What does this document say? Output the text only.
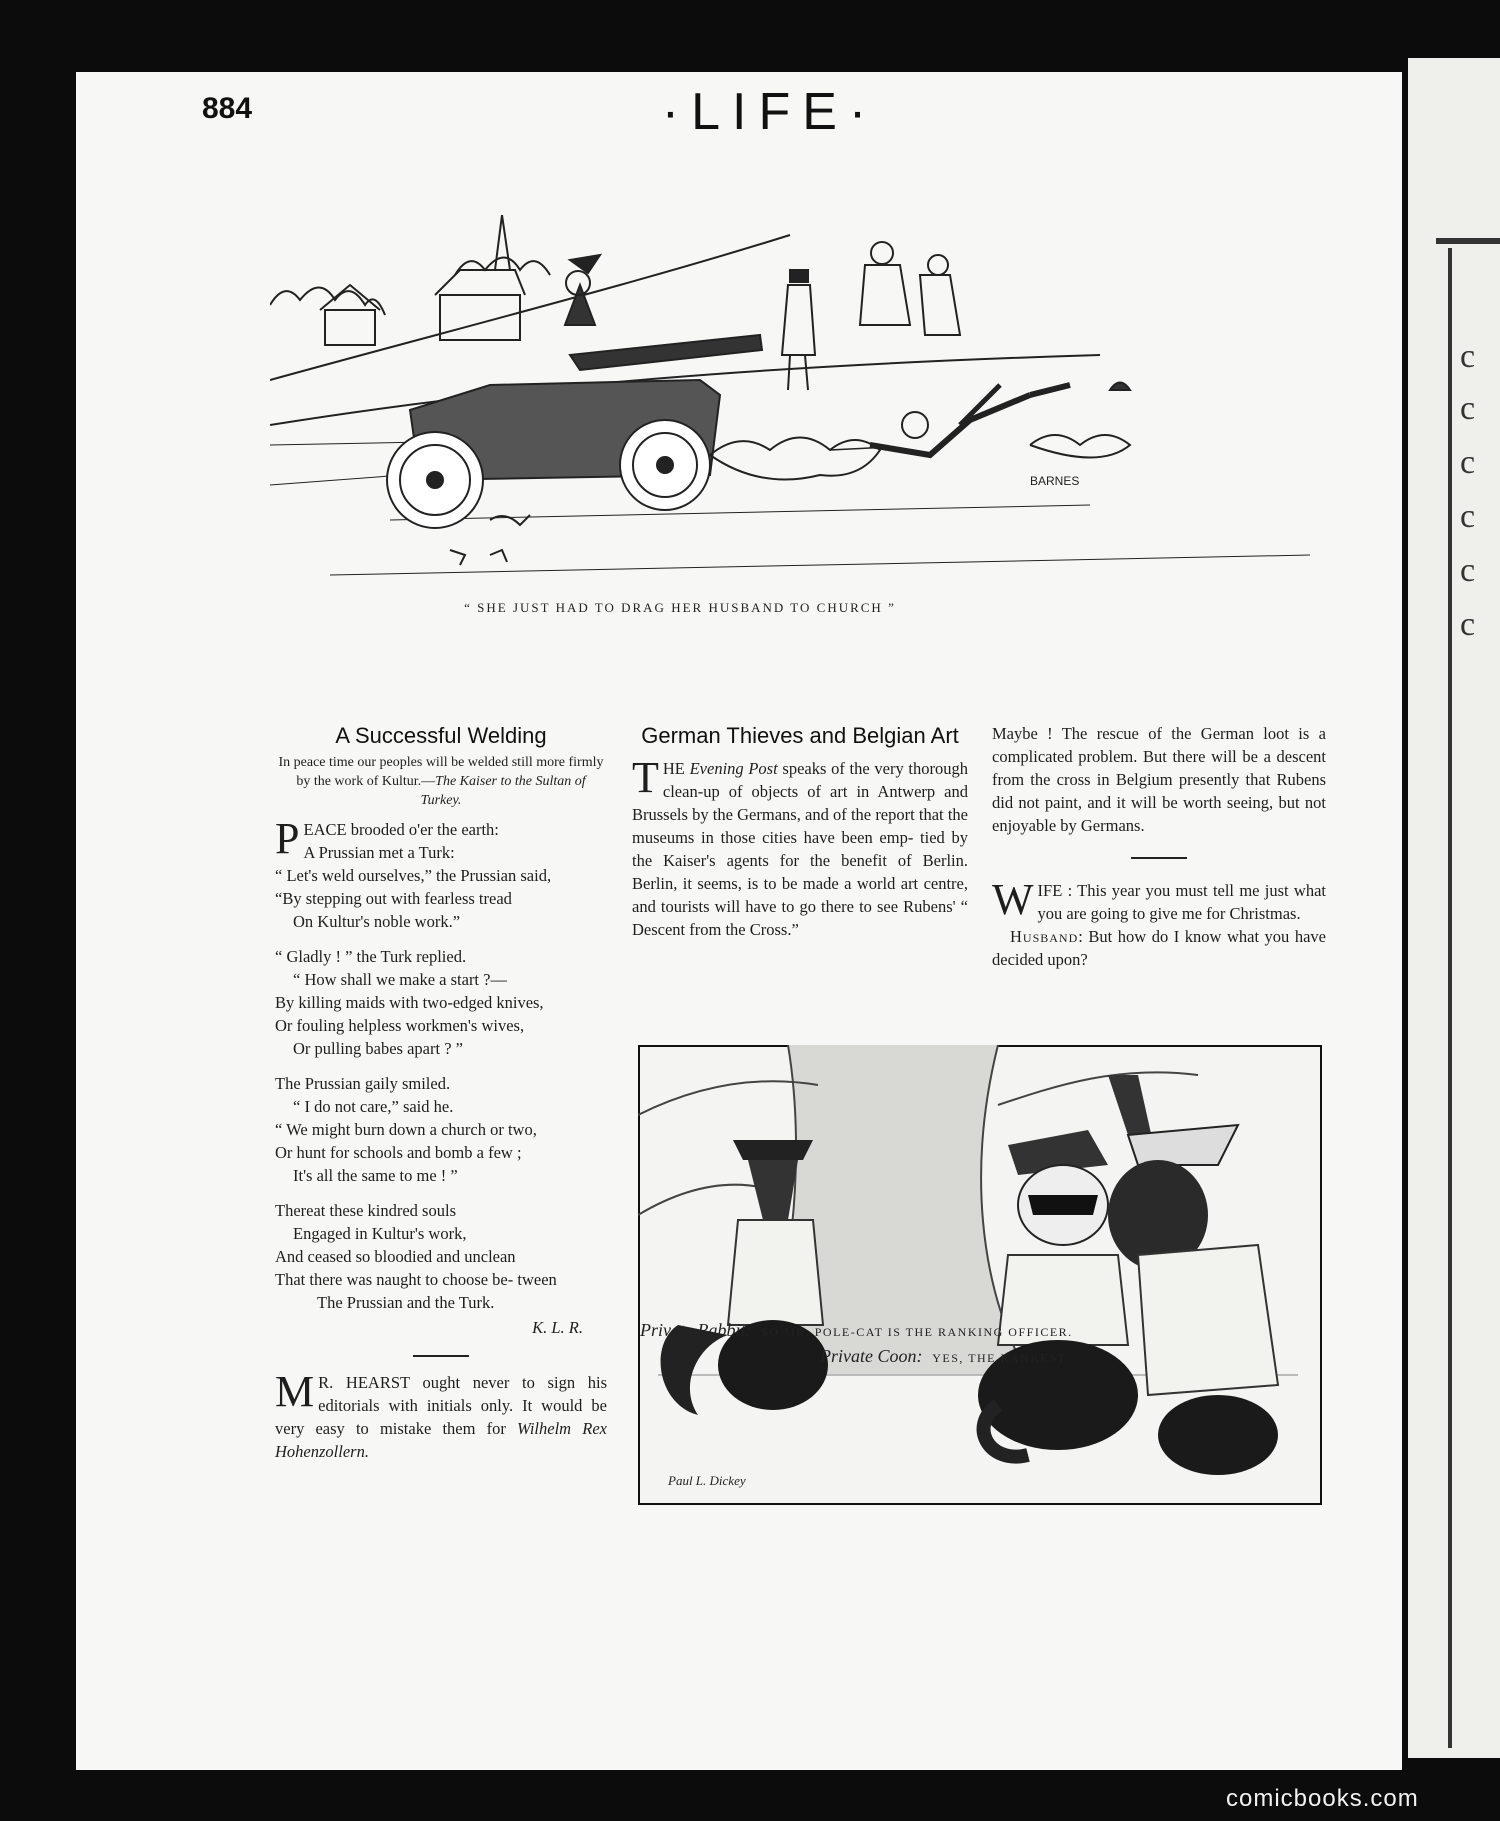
c
c
c
c
c
c
884	·LIFE·
BARNES
“ SHE JUST HAD TO DRAG HER HUSBAND TO CHURCH ”
A Successful Welding
In peace time our peoples will be welded still more firmly by the work of Kultur.—The Kaiser to the Sultan of Turkey.
PEACE brooded o'er the earth:
A Prussian met a Turk:
“ Let's weld ourselves,” the Prussian said,
“By stepping out with fearless tread
On Kultur's noble work.”
“ Gladly ! ” the Turk replied.
“ How shall we make a start ?—
By killing maids with two-edged knives,
Or fouling helpless workmen's wives,
Or pulling babes apart ? ”
The Prussian gaily smiled.
“ I do not care,” said he.
“ We might burn down a church or two,
Or hunt for schools and bomb a few ;
It's all the same to me ! ”
Thereat these kindred souls
Engaged in Kultur's work,
And ceased so bloodied and unclean
That there was naught to choose be- tween
The Prussian and the Turk.
K. L. R.

M R. HEARST ought never to sign his editorials with initials only. It would be very easy to mistake them for Wilhelm Rex Hohenzollern.

German Thieves and Belgian Art

THE Evening Post speaks of the very thorough clean-up of objects of art in Antwerp and Brussels by the Germans, and of the report that the museums in those cities have been emp- tied by the Kaiser's agents for the benefit of Berlin. Berlin, it seems, is to be made a world art centre, and tourists will have to go there to see Rubens' “ Descent from the Cross.”

Maybe ! The rescue of the German loot is a complicated problem. But there will be a descent from the cross in Belgium presently that Rubens did not paint, and it will be worth seeing, but not enjoyable by Germans.

WIFE : This year you must tell me just what you are going to give me for Christmas.

Husband: But how do I know what you have decided upon?

Paul L. Dickey
Private Rabbit: SO MR. POLE-CAT IS THE RANKING OFFICER.
Private Coon: YES, THE RANKEST.
comicbooks.com
